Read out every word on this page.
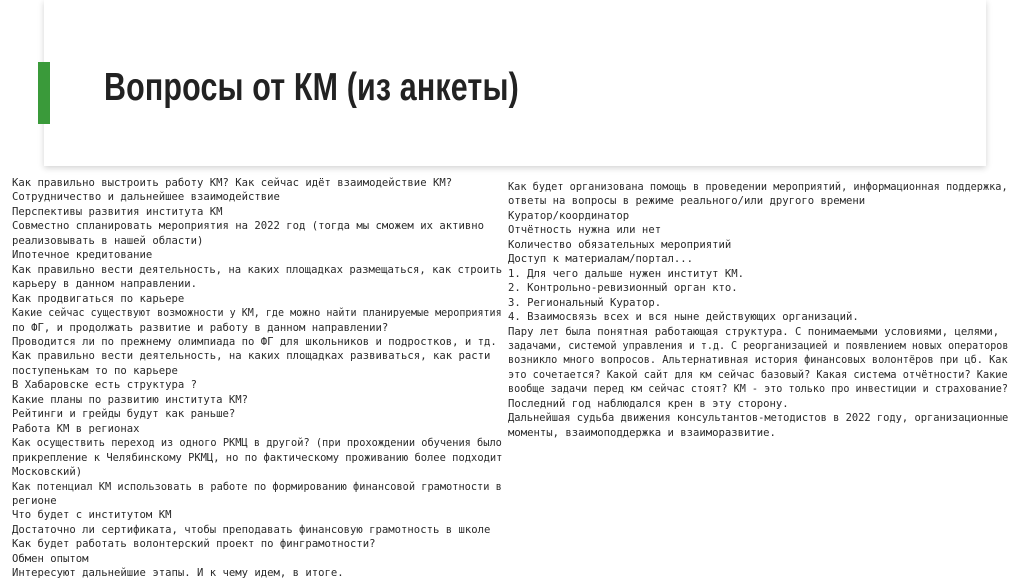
Вопросы от КМ (из анкеты)
Как правильно выстроить работу КМ? Как сейчас идёт взаимодействие КМ?
Сотрудничество и дальнейшее взаимодействие
Перспективы развития института КМ
Совместно спланировать мероприятия на 2022 год (тогда мы сможем их активно
реализовывать в нашей области)
Ипотечное кредитование
Как правильно вести деятельность, на каких площадках размещаться, как строить
карьеру в данном направлении.
Как продвигаться по карьере
Какие сейчас существуют возможности у КМ, где можно найти планируемые мероприятия
по ФГ, и продолжать развитие и работу в данном направлении?
Проводится ли по прежнему олимпиада по ФГ для школьников и подростков, и тд.
Как правильно вести деятельность, на каких площадках развиваться, как расти
поступенькам то по карьере
В Хабаровске есть структура ?
Какие планы по развитию института КМ?
Рейтинги и грейды будут как раньше?
Работа КМ в регионах
Как осуществить переход из одного РКМЦ в другой? (при прохождении обучения было
прикрепление к Челябинскому РКМЦ, но по фактическому проживанию более подходит
Московский)
Как потенциал КМ использовать в работе по формированию финансовой грамотности в
регионе
Что будет с институтом КМ
Достаточно ли сертификата, чтобы преподавать финансовую грамотность в школе
Как будет работать волонтерский проект по финграмотности?
Обмен опытом
Интересуют дальнейшие этапы. И к чему идем, в итоге.
Как будет организована помощь в проведении мероприятий, информационная поддержка,
ответы на вопросы в режиме реального/или другого времени
Куратор/координатор
Отчётность нужна или нет
Количество обязательных мероприятий
Доступ к материалам/портал...
1. Для чего дальше нужен институт КМ.
2. Контрольно-ревизионный орган кто.
3. Региональный Куратор.
4. Взаимосвязь всех и вся ныне действующих организаций.
Пару лет была понятная работающая структура. С понимаемыми условиями, целями,
задачами, системой управления и т.д. С реорганизацией и появлением новых операторов
возникло много вопросов. Альтернативная история финансовых волонтёров при цб. Как
это сочетается? Какой сайт для км сейчас базовый? Какая система отчётности? Какие
вообще задачи перед км сейчас стоят? КМ - это только про инвестиции и страхование?
Последний год наблюдался крен в эту сторону.
Дальнейшая судьба движения консультантов-методистов в 2022 году, организационные
моменты, взаимоподдержка и взаиморазвитие.
